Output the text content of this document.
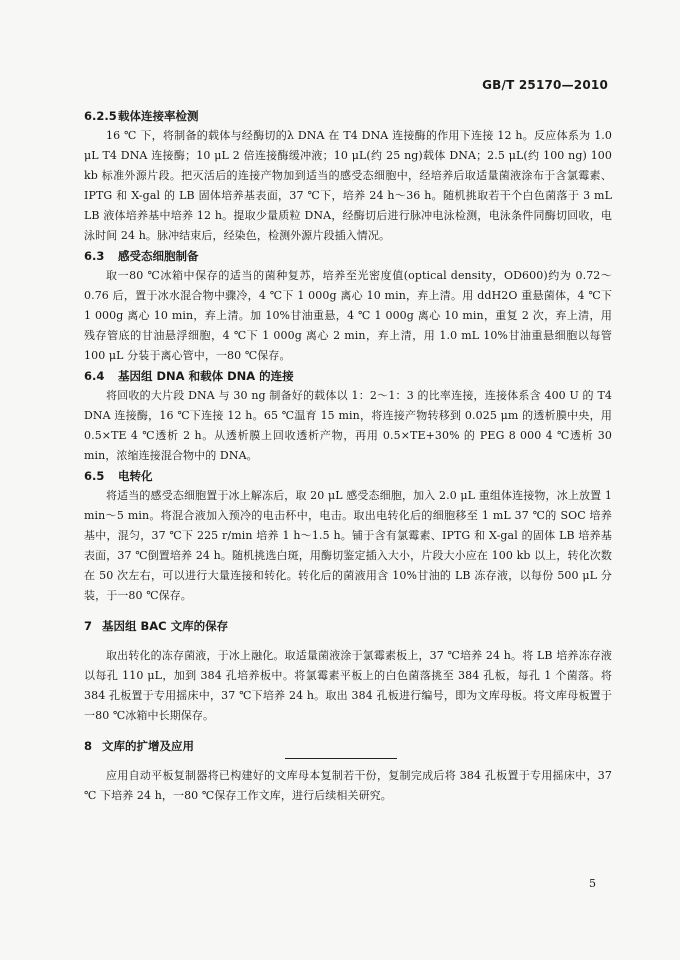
GB/T 25170—2010
6.2.5载体连接率检测

16 ℃ 下，将制备的载体与经酶切的λ DNA 在 T4 DNA 连接酶的作用下连接 12 h。反应体系为 1.0 μL T4 DNA 连接酶；10 μL 2 倍连接酶缓冲液；10 μL(约 25 ng)载体 DNA；2.5 μL(约 100 ng) 100 kb 标准外源片段。把灭活后的连接产物加到适当的感受态细胞中，经培养后取适量菌液涂布于含氯霉素、IPTG 和 X-gal 的 LB 固体培养基表面，37 ℃下，培养 24 h～36 h。随机挑取若干个白色菌落于 3 mL LB 液体培养基中培养 12 h。提取少量质粒 DNA，经酶切后进行脉冲电泳检测，电泳条件同酶切回收，电泳时间 24 h。脉冲结束后，经染色，检测外源片段插入情况。

6.3 感受态细胞制备

取一80 ℃冰箱中保存的适当的菌种复苏，培养至光密度值(optical density，OD600)约为 0.72～0.76 后，置于冰水混合物中骤冷，4 ℃下 1 000g 离心 10 min，弃上清。用 ddH2O 重悬菌体，4 ℃下 1 000g 离心 10 min，弃上清。加 10%甘油重悬，4 ℃ 1 000g 离心 10 min，重复 2 次，弃上清，用残存管底的甘油悬浮细胞，4 ℃下 1 000g 离心 2 min，弃上清，用 1.0 mL 10%甘油重悬细胞以每管 100 μL 分装于离心管中，一80 ℃保存。

6.4 基因组 DNA 和载体 DNA 的连接

将回收的大片段 DNA 与 30 ng 制备好的载体以 1：2～1：3 的比率连接，连接体系含 400 U 的 T4 DNA 连接酶，16 ℃下连接 12 h。65 ℃温育 15 min，将连接产物转移到 0.025 μm 的透析膜中央，用 0.5×TE 4 ℃透析 2 h。从透析膜上回收透析产物，再用 0.5×TE+30% 的 PEG 8 000 4 ℃透析 30 min，浓缩连接混合物中的 DNA。

6.5 电转化

将适当的感受态细胞置于冰上解冻后，取 20 μL 感受态细胞，加入 2.0 μL 重组体连接物，冰上放置 1 min～5 min。将混合液加入预冷的电击杯中，电击。取出电转化后的细胞移至 1 mL 37 ℃的 SOC 培养基中，混匀，37 ℃下 225 r/min 培养 1 h～1.5 h。铺于含有氯霉素、IPTG 和 X-gal 的固体 LB 培养基表面，37 ℃倒置培养 24 h。随机挑选白斑，用酶切鉴定插入大小，片段大小应在 100 kb 以上，转化次数在 50 次左右，可以进行大量连接和转化。转化后的菌液用含 10%甘油的 LB 冻存液，以每份 500 μL 分装，于一80 ℃保存。

7 基因组 BAC 文库的保存

取出转化的冻存菌液，于冰上融化。取适量菌液涂于氯霉素板上，37 ℃培养 24 h。将 LB 培养冻存液以每孔 110 μL，加到 384 孔培养板中。将氯霉素平板上的白色菌落挑至 384 孔板，每孔 1 个菌落。将 384 孔板置于专用摇床中，37 ℃下培养 24 h。取出 384 孔板进行编号，即为文库母板。将文库母板置于一80 ℃冰箱中长期保存。

8 文库的扩增及应用

应用自动平板复制器将已构建好的文库母本复制若干份，复制完成后将 384 孔板置于专用摇床中，37 ℃ 下培养 24 h，一80 ℃保存工作文库，进行后续相关研究。

5
